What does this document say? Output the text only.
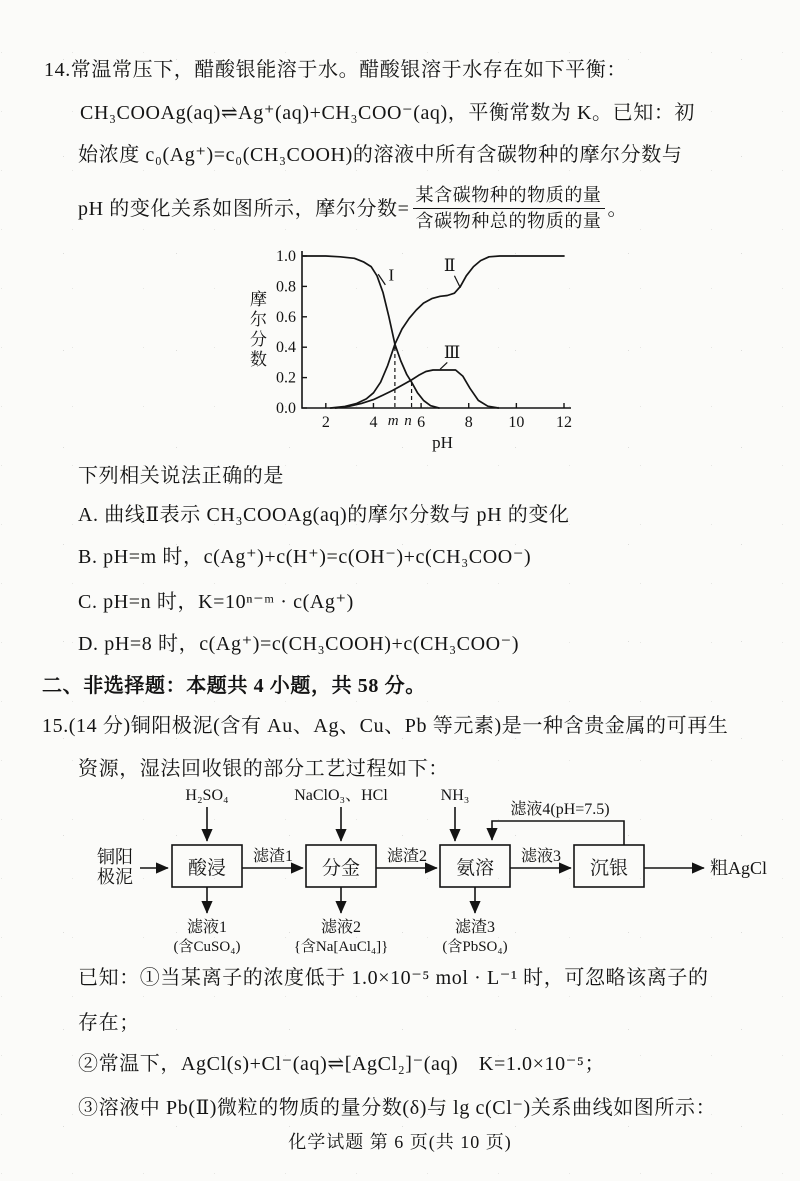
14.常温常压下，醋酸银能溶于水。醋酸银溶于水存在如下平衡：
CH₃COOAg(aq)⇌Ag⁺(aq)+CH₃COO⁻(aq)，平衡常数为 K。已知：初
始浓度 c₀(Ag⁺)=c₀(CH₃COOH)的溶液中所有含碳物种的摩尔分数与
pH 的变化关系如图所示，摩尔分数= $\frac{\text{某含碳物种的物质的量}}{\text{含碳物种总的物质的量}}$ 。
摩尔分数
2 4 6 8 10 12
0.0
0.2
0.4
0.6
0.8
1.0
m n
pH
I	Ⅱ
Ⅲ
下列相关说法正确的是
A. 曲线Ⅱ表示 CH₃COOAg(aq)的摩尔分数与 pH 的变化
B. pH=m 时，c(Ag⁺)+c(H⁺)=c(OH⁻)+c(CH₃COO⁻)
C. pH=n 时，K=10ⁿ⁻ᵐ · c(Ag⁺)
D. pH=8 时，c(Ag⁺)=c(CH₃COOH)+c(CH₃COO⁻)
二、非选择题：本题共 4 小题，共 58 分。
15.(14 分)铜阳极泥(含有 Au、Ag、Cu、Pb 等元素)是一种含贵金属的可再生
资源，湿法回收银的部分工艺过程如下：
铜阳
极泥	酸浸
H₂SO₄
滤渣1
分金
NaClO₃、HCl
滤渣2
氨溶
NH₃
滤液3
沉银
滤液4(pH=7.5)
粗AgCl
滤液1
(含CuSO₄)
滤液2
{含Na[AuCl₄]}
滤渣3
(含PbSO₄)
已知：①当某离子的浓度低于 1.0×10⁻⁵ mol · L⁻¹ 时，可忽略该离子的
存在；
②常温下，AgCl(s)+Cl⁻(aq)⇌[AgCl₂]⁻(aq)　K=1.0×10⁻⁵；
③溶液中 Pb(Ⅱ)微粒的物质的量分数(δ)与 lg c(Cl⁻)关系曲线如图所示：
化学试题 第 6 页(共 10 页)
